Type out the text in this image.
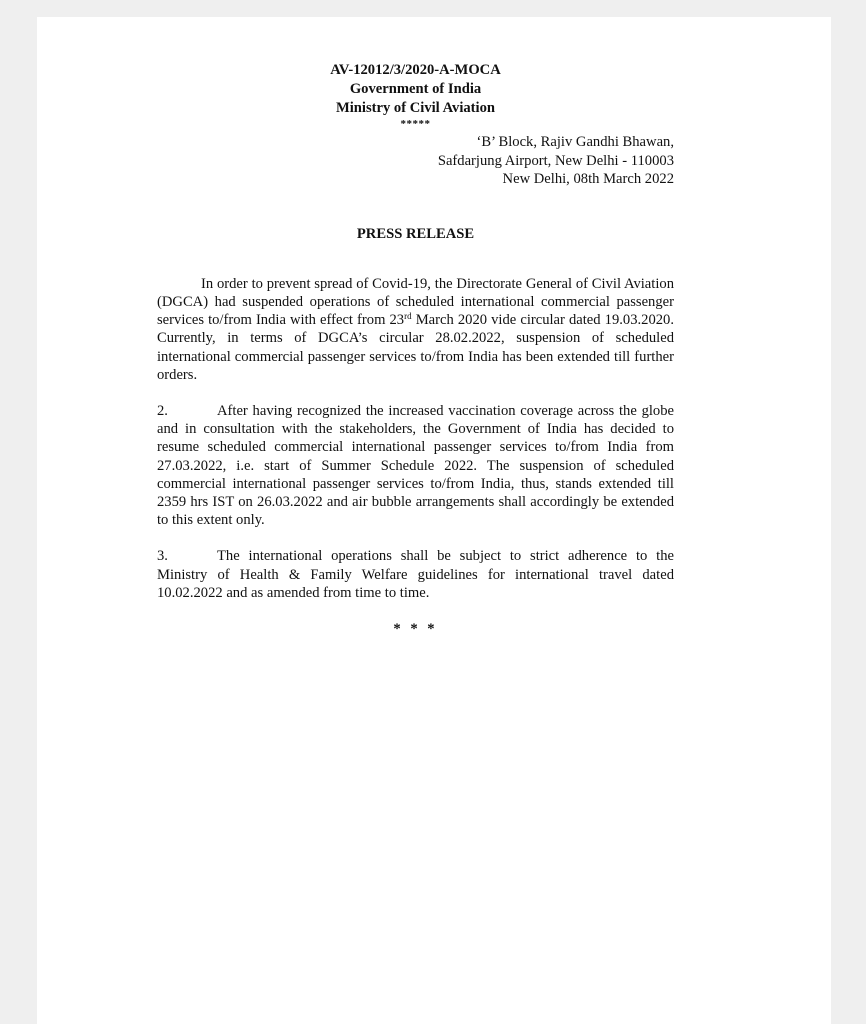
AV-12012/3/2020-A-MOCA
Government of India
Ministry of Civil Aviation
*****
‘B’ Block, Rajiv Gandhi Bhawan,
Safdarjung Airport, New Delhi - 110003
New Delhi, 08th March 2022
PRESS RELEASE

In order to prevent spread of Covid-19, the Directorate General of Civil Aviation (DGCA) had suspended operations of scheduled international commercial passenger services to/from India with effect from 23rd March 2020 vide circular dated 19.03.2020. Currently, in terms of DGCA’s circular 28.02.2022, suspension of scheduled international commercial passenger services to/from India has been extended till further orders.

2.	After having recognized the increased vaccination coverage across the globe and in consultation with the stakeholders, the Government of India has decided to resume scheduled commercial international passenger services to/from India from 27.03.2022, i.e. start of Summer Schedule 2022. The suspension of scheduled commercial international passenger services to/from India, thus, stands extended till 2359 hrs IST on 26.03.2022 and air bubble arrangements shall accordingly be extended to this extent only.

3.	The international operations shall be subject to strict adherence to the Ministry of Health & Family Welfare guidelines for international travel dated 10.02.2022 and as amended from time to time.

* * *
